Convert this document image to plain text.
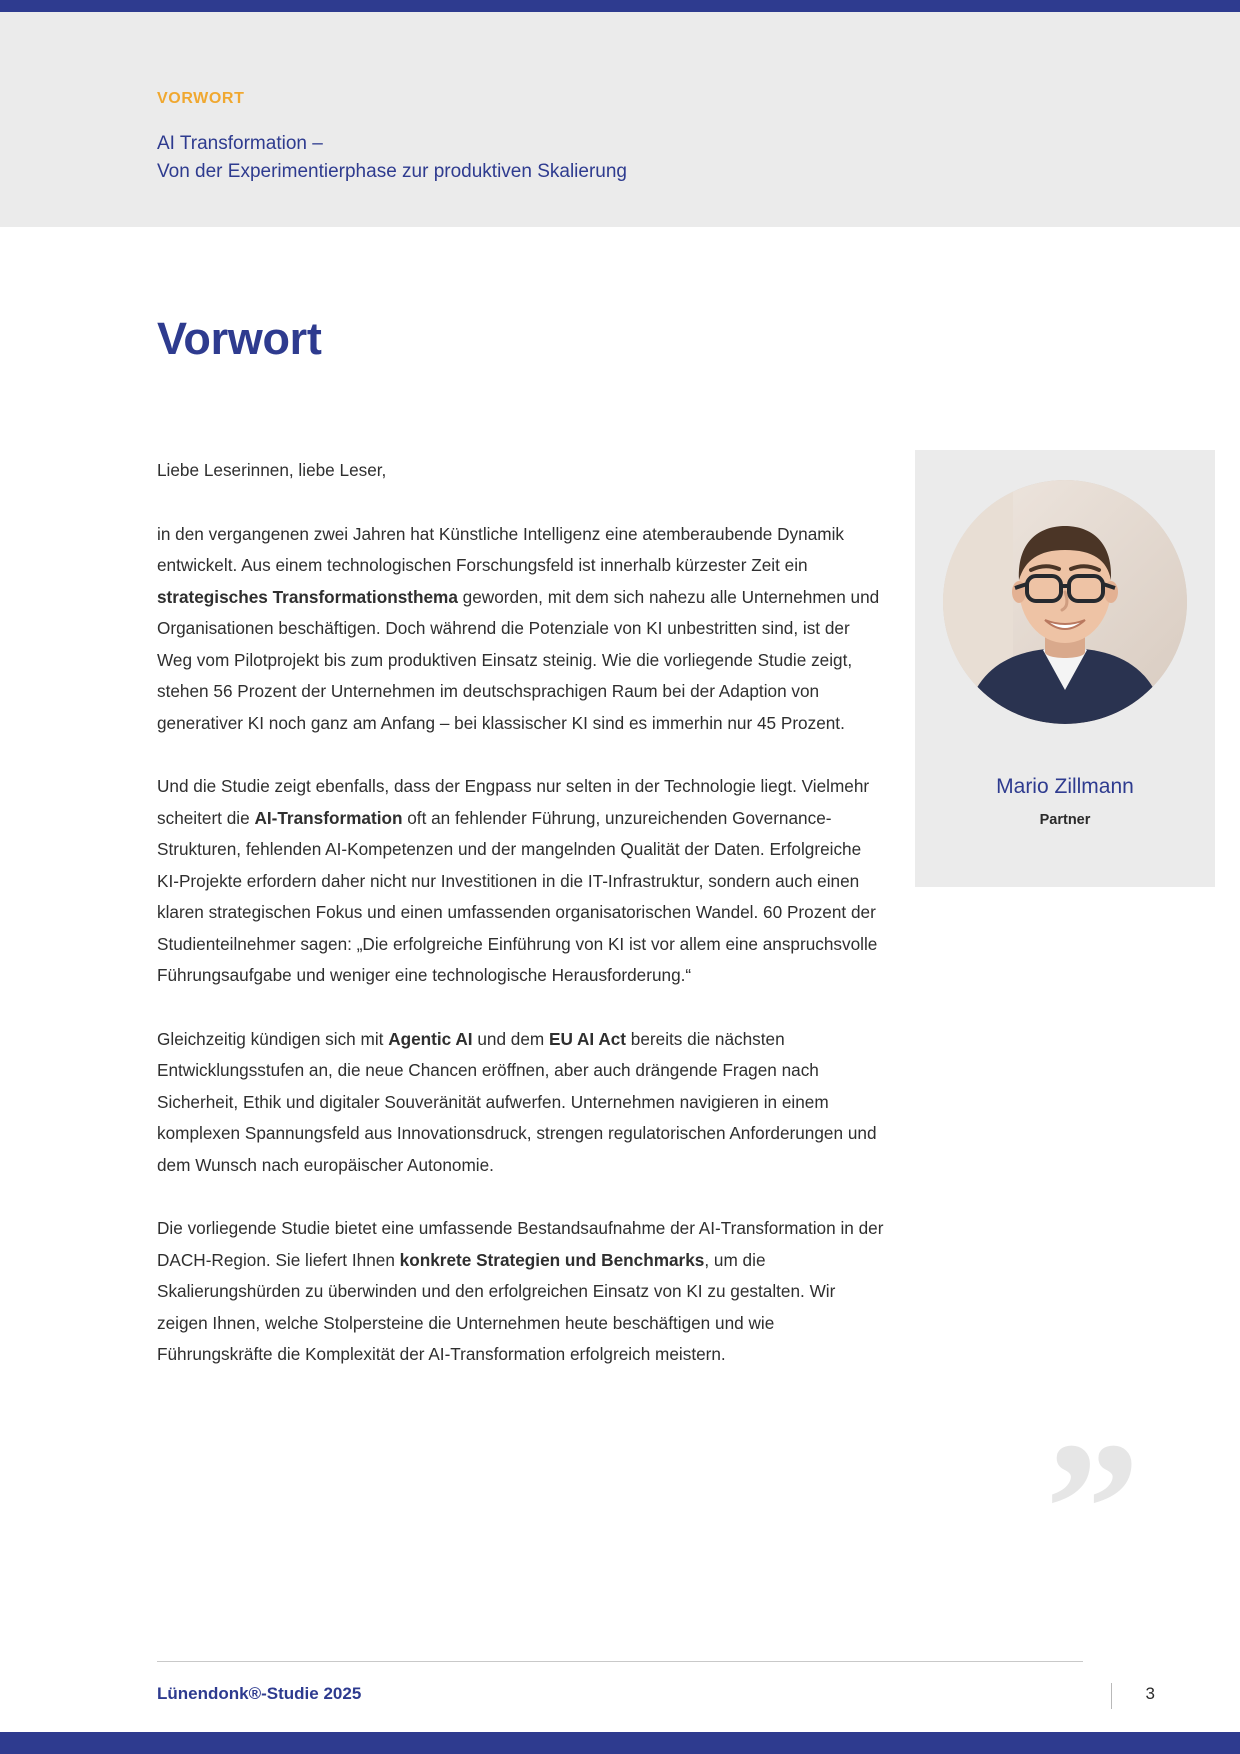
VORWORT
AI Transformation –
Von der Experimentierphase zur produktiven Skalierung
Vorwort

Liebe Leserinnen, liebe Leser,

in den vergangenen zwei Jahren hat Künstliche Intelligenz eine atemberaubende Dynamik entwickelt. Aus einem technologischen Forschungsfeld ist innerhalb kürzester Zeit ein strategisches Transformationsthema geworden, mit dem sich nahezu alle Unternehmen und Organisationen beschäftigen. Doch während die Potenziale von KI unbestritten sind, ist der Weg vom Pilotprojekt bis zum produktiven Einsatz steinig. Wie die vorliegende Studie zeigt, stehen 56 Prozent der Unternehmen im deutschsprachigen Raum bei der Adaption von generativer KI noch ganz am Anfang – bei klassischer KI sind es immerhin nur 45 Prozent.

Und die Studie zeigt ebenfalls, dass der Engpass nur selten in der Technologie liegt. Vielmehr scheitert die AI-Transformation oft an fehlender Führung, unzureichenden Governance-Strukturen, fehlenden AI-Kompetenzen und der mangelnden Qualität der Daten. Erfolgreiche KI-Projekte erfordern daher nicht nur Investitionen in die IT-Infrastruktur, sondern auch einen klaren strategischen Fokus und einen umfassenden organisatorischen Wandel. 60 Prozent der Studienteilnehmer sagen: „Die erfolgreiche Einführung von KI ist vor allem eine anspruchsvolle Führungsaufgabe und weniger eine technologische Herausforderung.“

Gleichzeitig kündigen sich mit Agentic AI und dem EU AI Act bereits die nächsten Entwicklungsstufen an, die neue Chancen eröffnen, aber auch drängende Fragen nach Sicherheit, Ethik und digitaler Souveränität aufwerfen. Unternehmen navigieren in einem komplexen Spannungsfeld aus Innovationsdruck, strengen regulatorischen Anforderungen und dem Wunsch nach europäischer Autonomie.

Die vorliegende Studie bietet eine umfassende Bestandsaufnahme der AI-Transformation in der DACH-Region. Sie liefert Ihnen konkrete Strategien und Benchmarks, um die Skalierungshürden zu überwinden und den erfolgreichen Einsatz von KI zu gestalten. Wir zeigen Ihnen, welche Stolpersteine die Unternehmen heute beschäftigen und wie Führungskräfte die Komplexität der AI-Transformation erfolgreich meistern.

Mario Zillmann
Partner
”
Lünendonk®-Studie 2025	3
